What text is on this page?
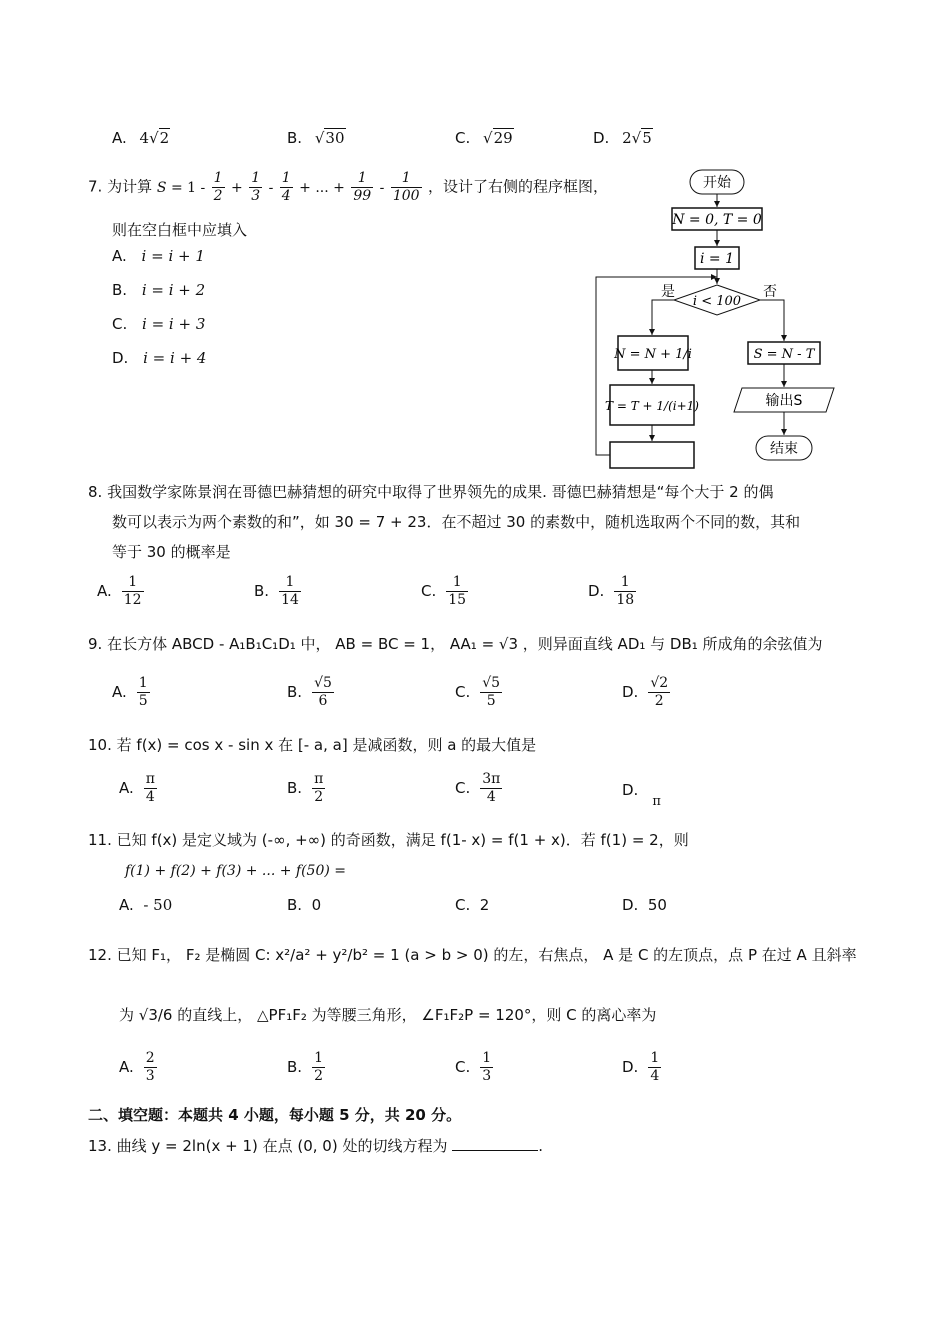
A. 4√2	B. √30	C. √29	D. 2√5
7. 为计算 $S = 1 - \frac{1}{2} + \frac{1}{3} - \frac{1}{4}$ + ... + $\frac{1}{99} - \frac{1}{100}$ ，设计了右侧的程序框图，
则在空白框中应填入
A. i = i + 1
B. i = i + 2
C. i = i + 3
D. i = i + 4
开始
N = 0, T = 0
i = 1
i < 100
是	否
N = N + 1/i
T = T + 1/(i+1)
S = N - T
输出S
结束
8. 我国数学家陈景润在哥德巴赫猜想的研究中取得了世界领先的成果. 哥德巴赫猜想是“每个大于 2 的偶
数可以表示为两个素数的和”，如 30 = 7 + 23．在不超过 30 的素数中，随机选取两个不同的数，其和
等于 30 的概率是
A. $\frac{1}{12}$	B. $\frac{1}{14}$	C. $\frac{1}{15}$	D. $\frac{1}{18}$
9. 在长方体 ABCD - A₁B₁C₁D₁ 中， AB = BC = 1， AA₁ = √3 ，则异面直线 AD₁ 与 DB₁ 所成角的余弦值为
A. $\frac{1}{5}$	B. $\frac{√5}{6}$	C. $\frac{√5}{5}$	D. $\frac{√2}{2}$
10. 若 f(x) = cos x - sin x 在 [- a, a] 是减函数，则 a 的最大值是
A. $\frac{\pi}{4}$	B. $\frac{\pi}{2}$	C. $\frac{3\pi}{4}$	D.π
11. 已知 f(x) 是定义域为 (-∞, +∞) 的奇函数，满足 f(1- x) = f(1 + x)．若 f(1) = 2，则
f(1) + f(2) + f(3) + ... + f(50) =
A. - 50	B. 0	C. 2	D. 50
12. 已知 F₁， F₂ 是椭圆 C: x²/a² + y²/b² = 1 (a > b > 0) 的左，右焦点， A 是 C 的左顶点，点 P 在过 A 且斜率
为 √3/6 的直线上， △PF₁F₂ 为等腰三角形， ∠F₁F₂P = 120°，则 C 的离心率为
A. $\frac{2}{3}$	B. $\frac{1}{2}$	C. $\frac{1}{3}$	D. $\frac{1}{4}$
二、填空题：本题共 4 小题，每小题 5 分，共 20 分。
13. 曲线 y = 2ln(x + 1) 在点 (0, 0) 处的切线方程为	.
